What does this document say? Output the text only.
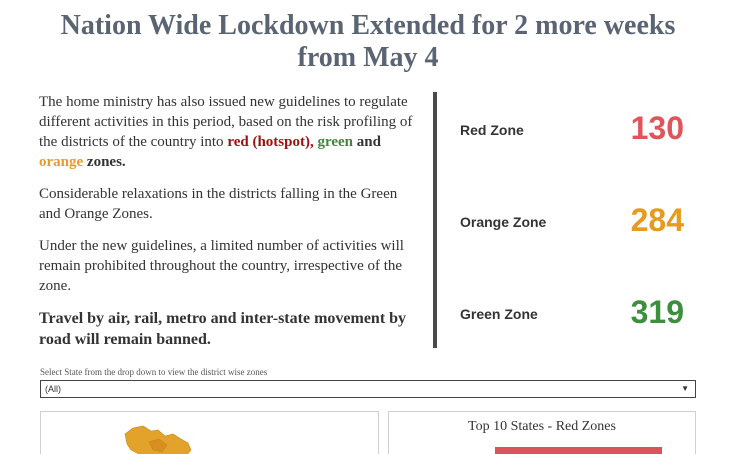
Nation Wide Lockdown Extended for 2 more weeks from May 4

The home ministry has also issued new guidelines to regulate different activities in this period, based on the risk profiling of the districts of the country into red (hotspot), green and orange zones.

Considerable relaxations in the districts falling in the Green and Orange Zones.

Under the new guidelines, a limited number of activities will remain prohibited throughout the country, irrespective of the zone.

Travel by air, rail, metro and inter-state movement by road will remain banned.

Red Zone	130
Orange Zone	284
Green Zone	319
Select State from the drop down to view the district wise zones
(All)	▼
Top 10 States - Red Zones
